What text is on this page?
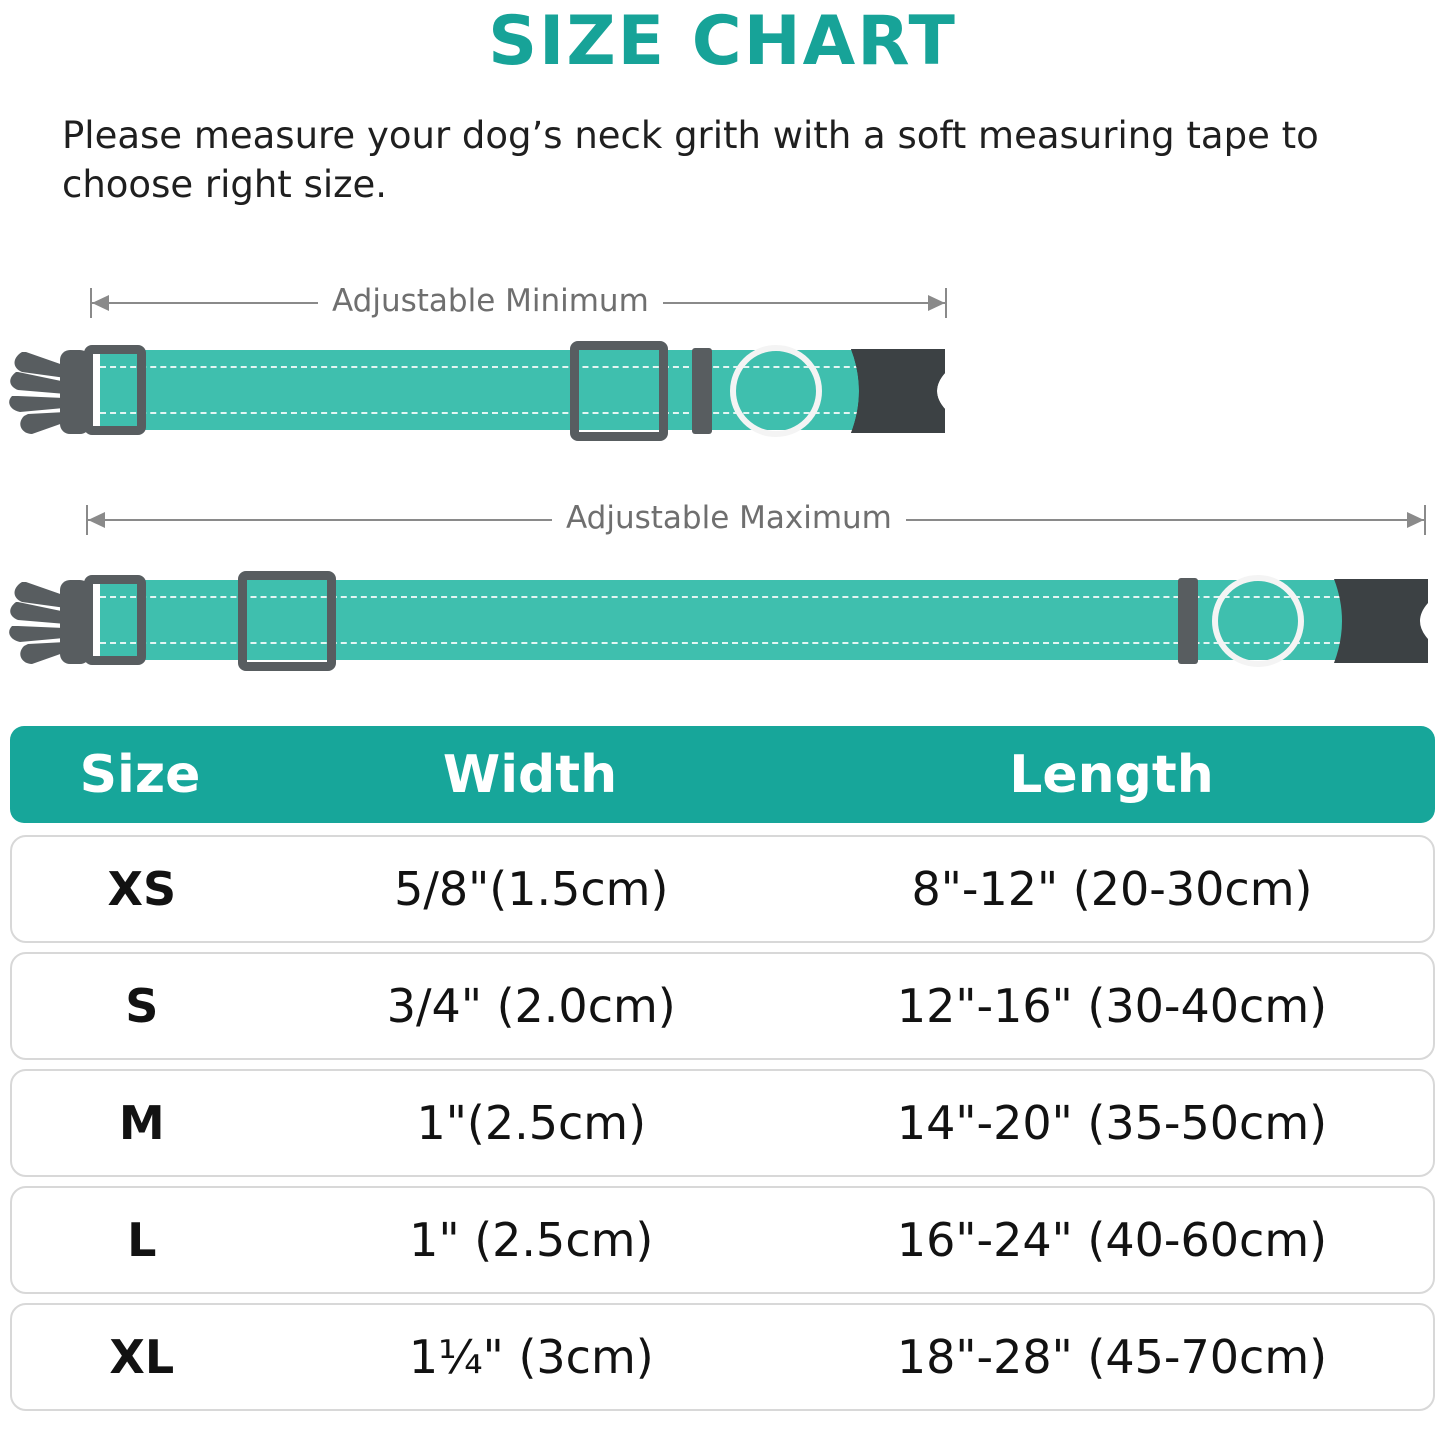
SIZE CHART
Please measure your dog’s neck grith with a soft measuring tape to choose right size.
Adjustable Minimum
Adjustable Maximum
Size	Width	Length
XS	5/8"(1.5cm)	8"-12" (20-30cm)
S	3/4" (2.0cm)	12"-16" (30-40cm)
M	1"(2.5cm)	14"-20" (35-50cm)
L	1" (2.5cm)	16"-24" (40-60cm)
XL	1¼" (3cm)	18"-28" (45-70cm)
